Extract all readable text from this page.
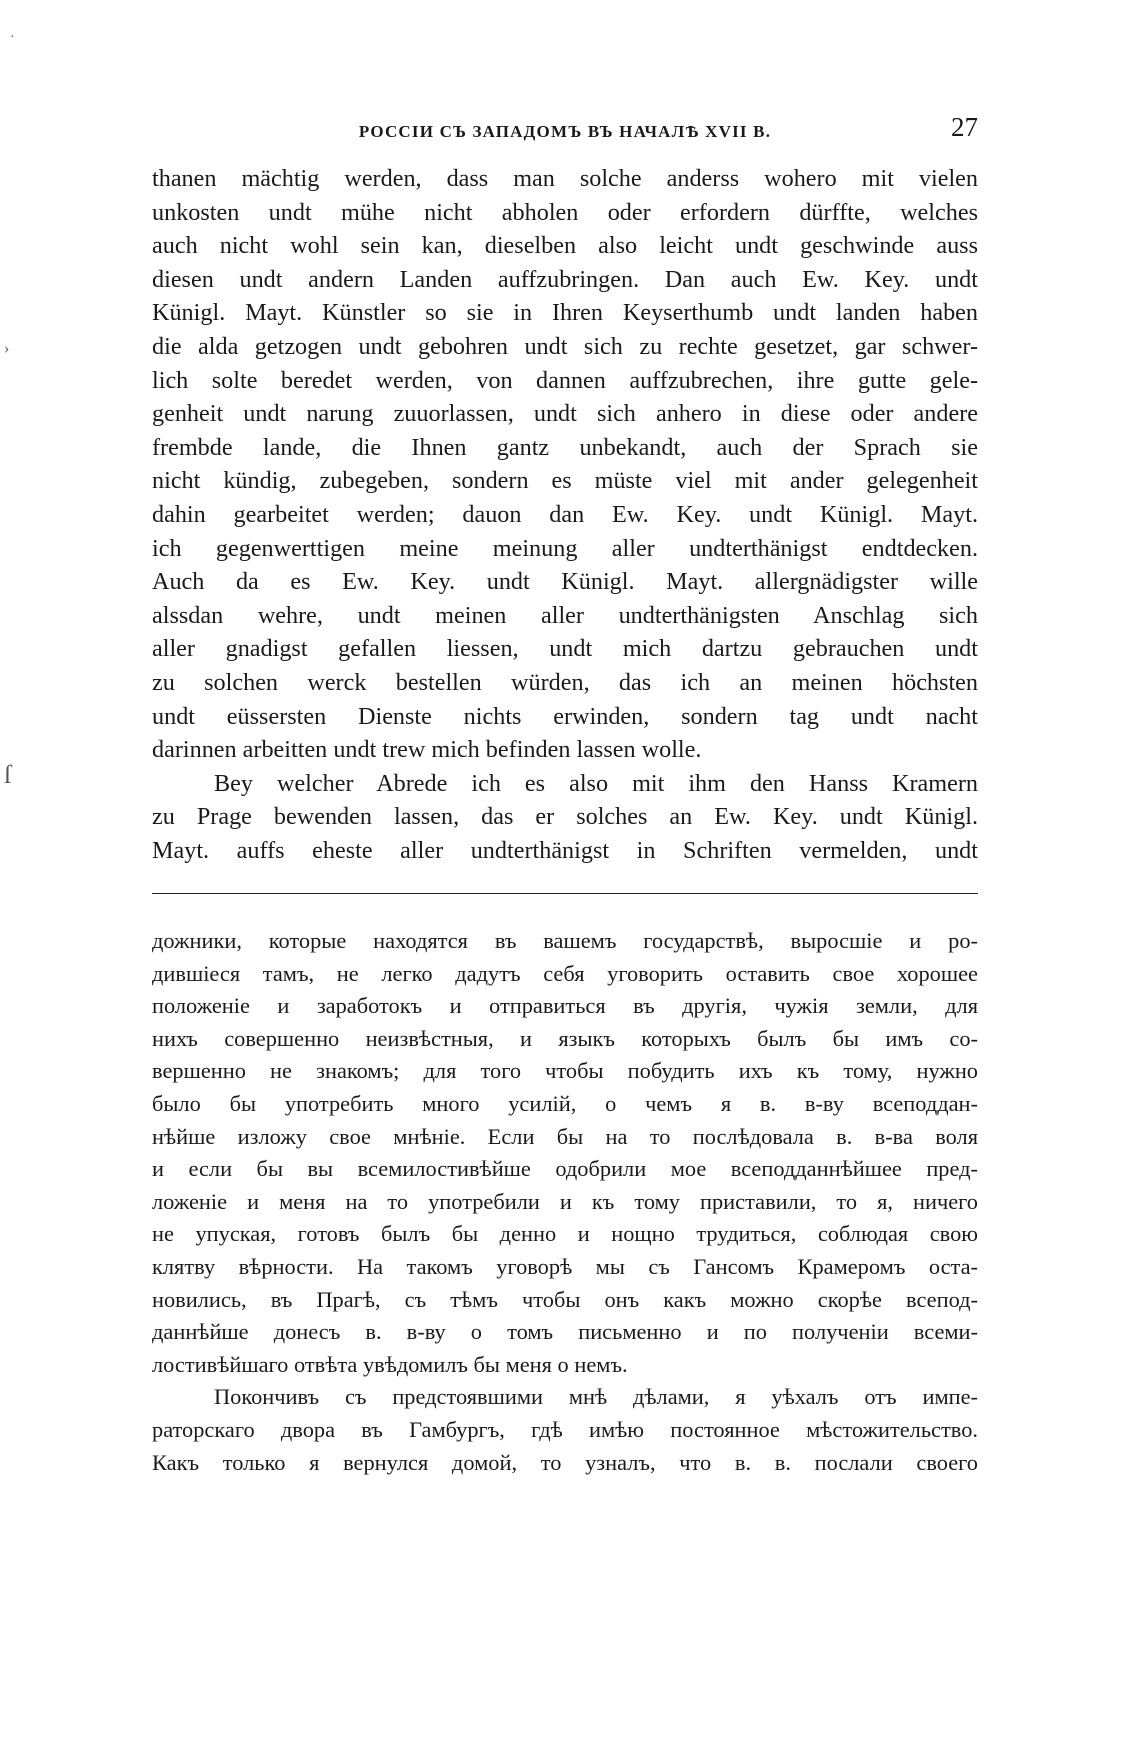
·
›
ſ
РОССІИ СЪ ЗАПАДОМЪ ВЪ НАЧАЛѢ XVII В.	27
thanen mächtig werden, dass man solche anderss wohero mit vielen
unkosten undt mühe nicht abholen oder erfordern dürffte, welches
auch nicht wohl sein kan, dieselben also leicht undt geschwinde auss
diesen undt andern Landen auffzubringen. Dan auch Ew. Key. undt
Künigl. Mayt. Künstler so sie in Ihren Keyserthumb undt landen haben
die alda getzogen undt gebohren undt sich zu rechte gesetzet, gar schwer-
lich solte beredet werden, von dannen auffzubrechen, ihre gutte gele-
genheit undt narung zuuorlassen, undt sich anhero in diese oder andere
frembde lande, die Ihnen gantz unbekandt, auch der Sprach sie
nicht kündig, zubegeben, sondern es müste viel mit ander gelegenheit
dahin gearbeitet werden; dauon dan Ew. Key. undt Künigl. Mayt.
ich gegenwerttigen meine meinung aller undterthänigst endtdecken.
Auch da es Ew. Key. undt Künigl. Mayt. allergnädigster wille
alssdan wehre, undt meinen aller undterthänigsten Anschlag sich
aller gnadigst gefallen liessen, undt mich dartzu gebrauchen undt
zu solchen werck bestellen würden, das ich an meinen höchsten
undt eüssersten Dienste nichts erwinden, sondern tag undt nacht
darinnen arbeitten undt trew mich befinden lassen wolle.
Bey welcher Abrede ich es also mit ihm den Hanss Kramern
zu Prage bewenden lassen, das er solches an Ew. Key. undt Künigl.
Mayt. auffs eheste aller undterthänigst in Schriften vermelden, undt
дожники, которые находятся въ вашемъ государствѣ, выросшіе и ро-
дившіеся тамъ, не легко дадутъ себя уговорить оставить свое хорошее
положеніе и заработокъ и отправиться въ другія, чужія земли, для
нихъ совершенно неизвѣстныя, и языкъ которыхъ былъ бы имъ со-
вершенно не знакомъ; для того чтобы побудить ихъ къ тому, нужно
было бы употребить много усилій, о чемъ я в. в-ву всеподдан-
нѣйше изложу свое мнѣніе. Если бы на то послѣдовала в. в-ва воля
и если бы вы всемилостивѣйше одобрили мое всеподданнѣйшее пред-
ложеніе и меня на то употребили и къ тому приставили, то я, ничего
не упуская, готовъ былъ бы денно и нощно трудиться, соблюдая свою
клятву вѣрности. На такомъ уговорѣ мы съ Гансомъ Крамеромъ оста-
новились, въ Прагѣ, съ тѣмъ чтобы онъ какъ можно скорѣе всепод-
даннѣйше донесъ в. в-ву о томъ письменно и по полученіи всеми-
лостивѣйшаго отвѣта увѣдомилъ бы меня о немъ.
Покончивъ съ предстоявшими мнѣ дѣлами, я уѣхалъ отъ импе-
раторскаго двора въ Гамбургъ, гдѣ имѣю постоянное мѣстожительство.
Какъ только я вернулся домой, то узналъ, что в. в. послали своего
